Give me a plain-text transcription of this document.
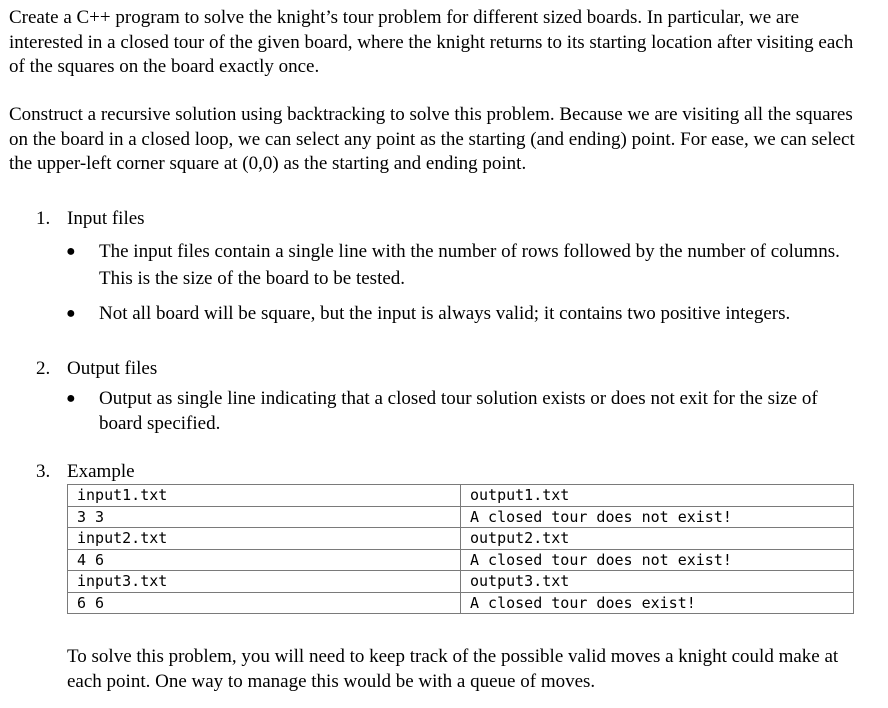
Create a C++ program to solve the knight’s tour problem for different sized boards. In particular, we are interested in a closed tour of the given board, where the knight returns to its starting location after visiting each of the squares on the board exactly once.

Construct a recursive solution using backtracking to solve this problem. Because we are visiting all the squares on the board in a closed loop, we can select any point as the starting (and ending) point. For ease, we can select the upper-left corner square at (0,0) as the starting and ending point.

1. Input files
● The input files contain a single line with the number of rows followed by the number of columns. This is the size of the board to be tested.
● Not all board will be square, but the input is always valid; it contains two positive integers.
2. Output files
● Output as single line indicating that a closed tour solution exists or does not exit for the size of board specified.
3. Example
input1.txt	output1.txt
3 3	A closed tour does not exist!
input2.txt	output2.txt
4 6	A closed tour does not exist!
input3.txt	output3.txt
6 6	A closed tour does exist!

To solve this problem, you will need to keep track of the possible valid moves a knight could make at each point. One way to manage this would be with a queue of moves.
